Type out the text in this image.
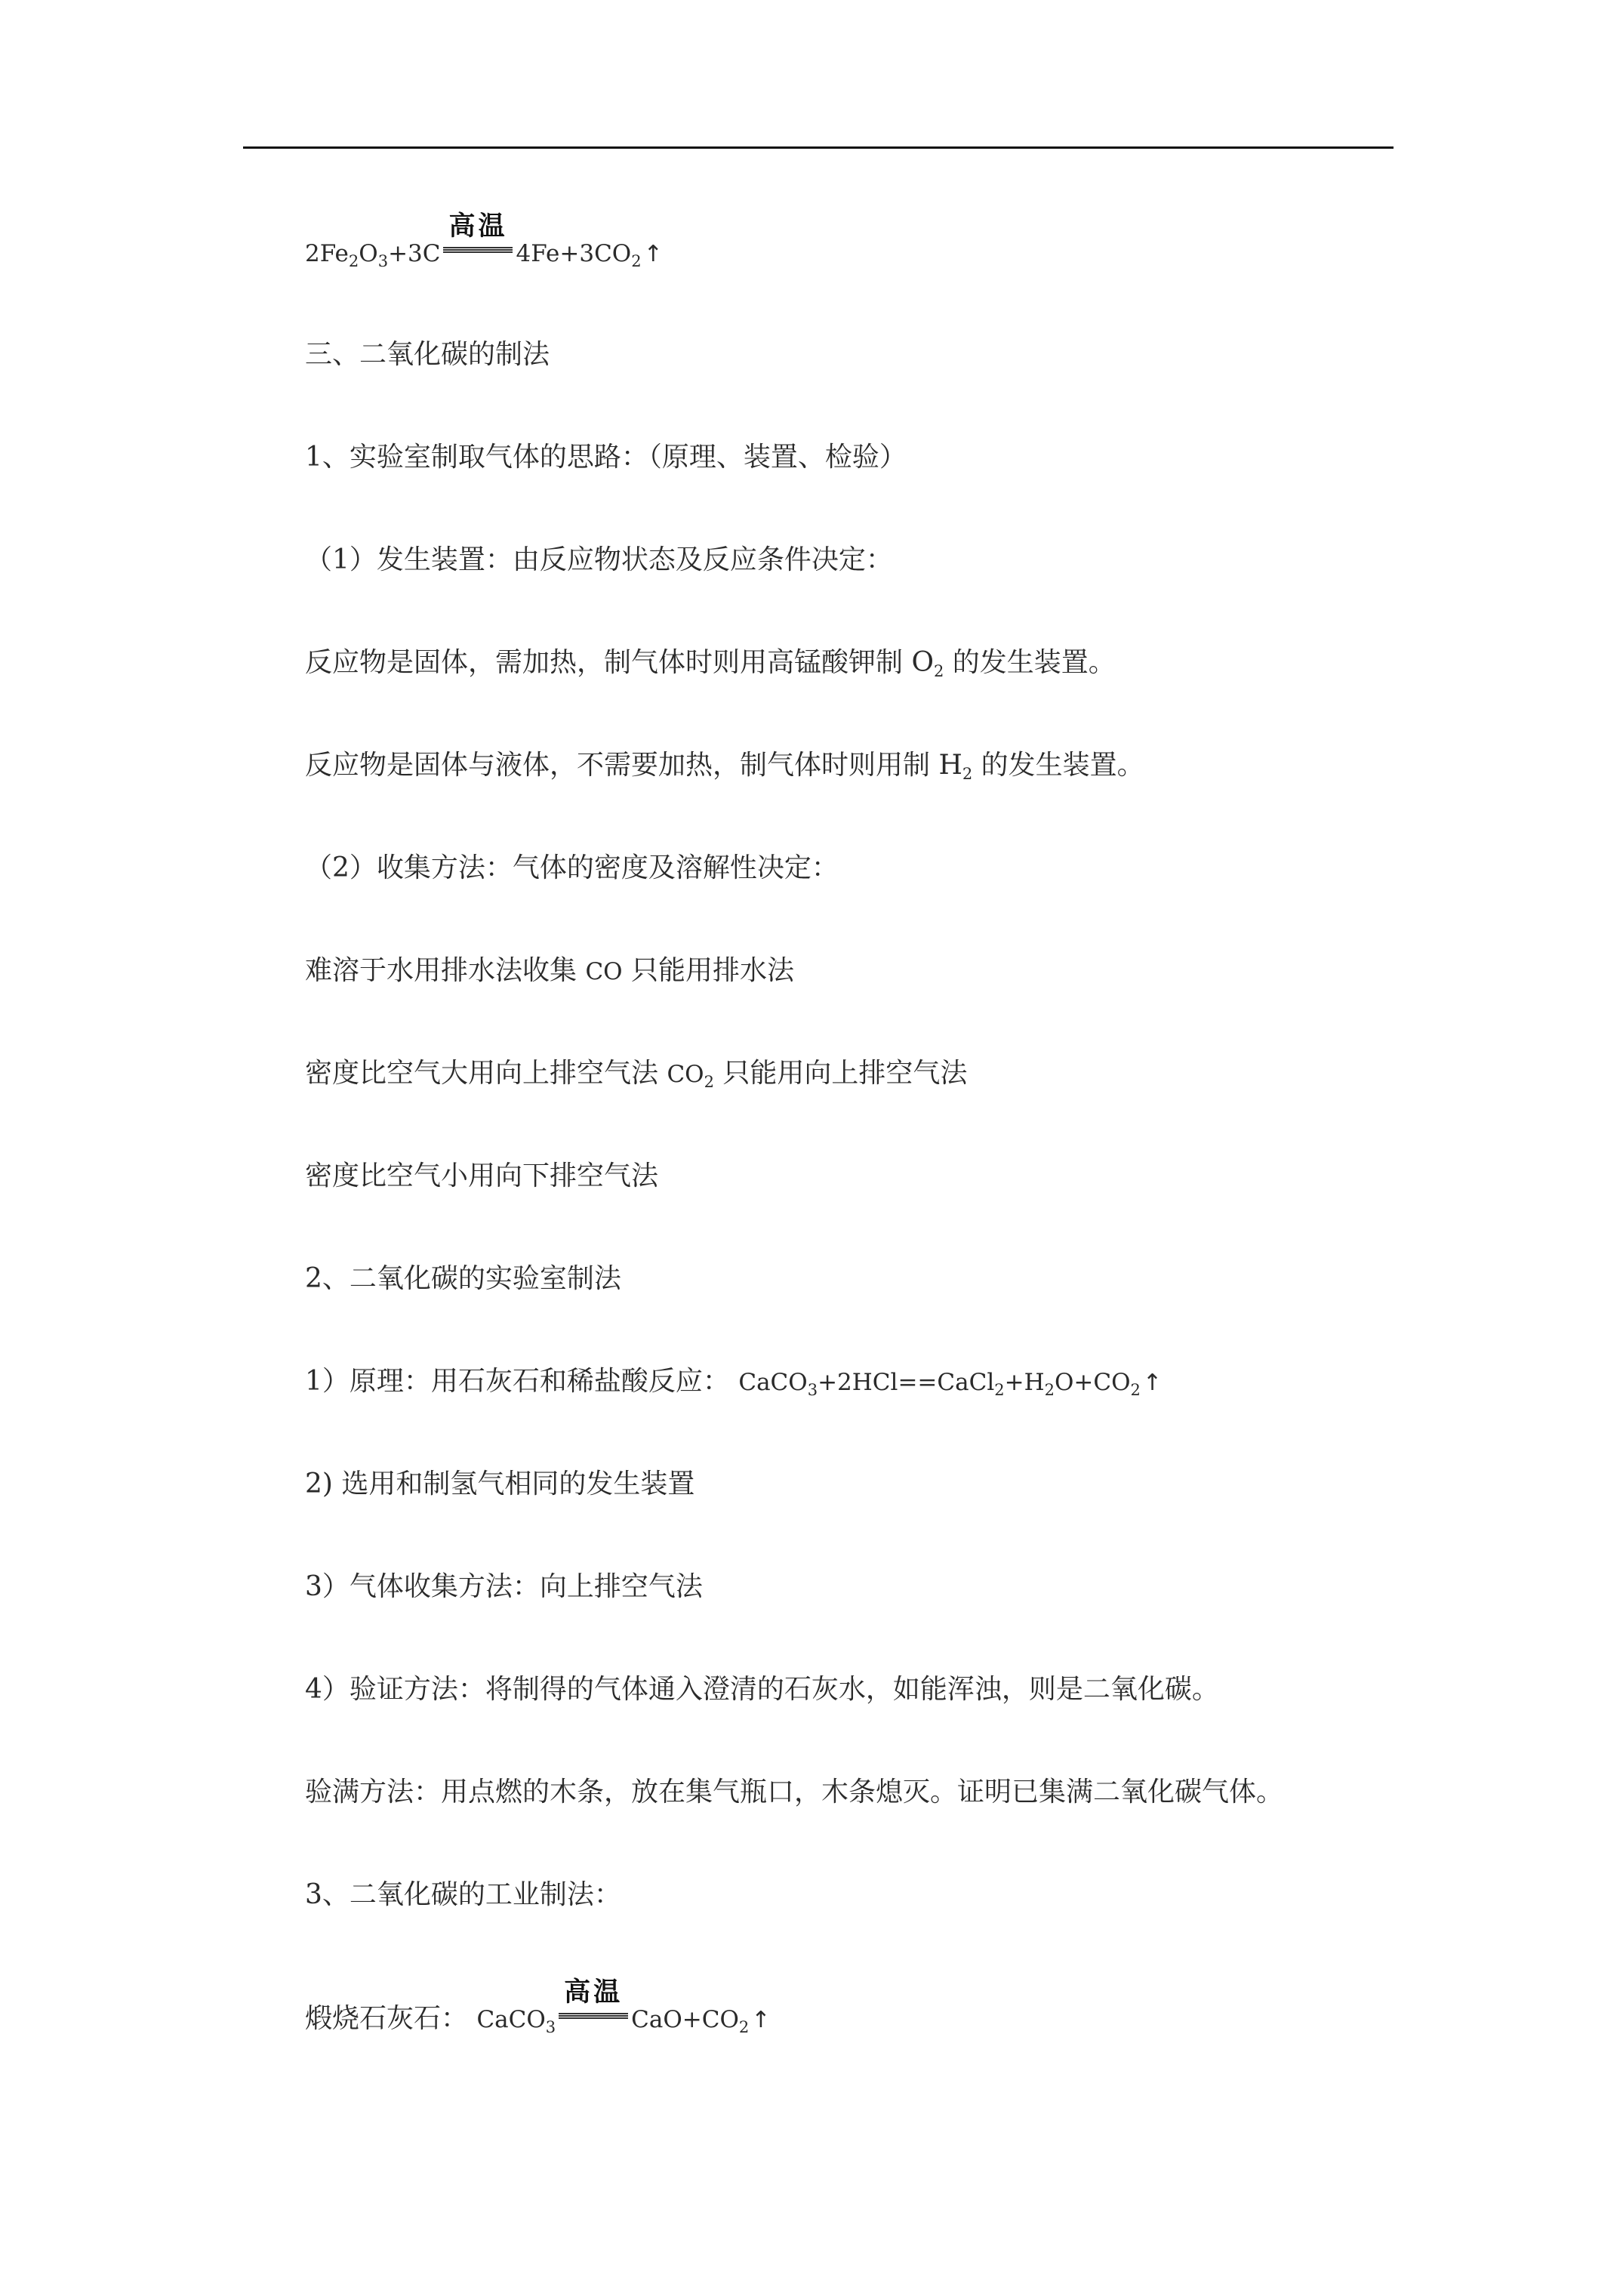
$2Fe_2O_3+3C$
高温
$4Fe+3CO_2$ ↑
三、二氧化碳的制法
1、实验室制取气体的思路：（原理、装置、检验）
（1）发生装置：由反应物状态及反应条件决定：
反应物是固体，需加热，制气体时则用高锰酸钾制 $O_2$ 的发生装置。
反应物是固体与液体，不需要加热，制气体时则用制 $H_2$ 的发生装置。
（2）收集方法：气体的密度及溶解性决定：
难溶于水用排水法收集 CO 只能用排水法
密度比空气大用向上排空气法 $CO_2$ 只能用向上排空气法
密度比空气小用向下排空气法
2、二氧化碳的实验室制法
1）原理：用石灰石和稀盐酸反应： $CaCO_3+2HCl==CaCl_2+H_2O+CO_2$ ↑
2) 选用和制氢气相同的发生装置
3）气体收集方法：向上排空气法
4）验证方法：将制得的气体通入澄清的石灰水，如能浑浊，则是二氧化碳。
验满方法：用点燃的木条，放在集气瓶口，木条熄灭。证明已集满二氧化碳气体。
3、二氧化碳的工业制法：
煅烧石灰石： CaCO$_3$
高温
$CaO+CO_2$ ↑
